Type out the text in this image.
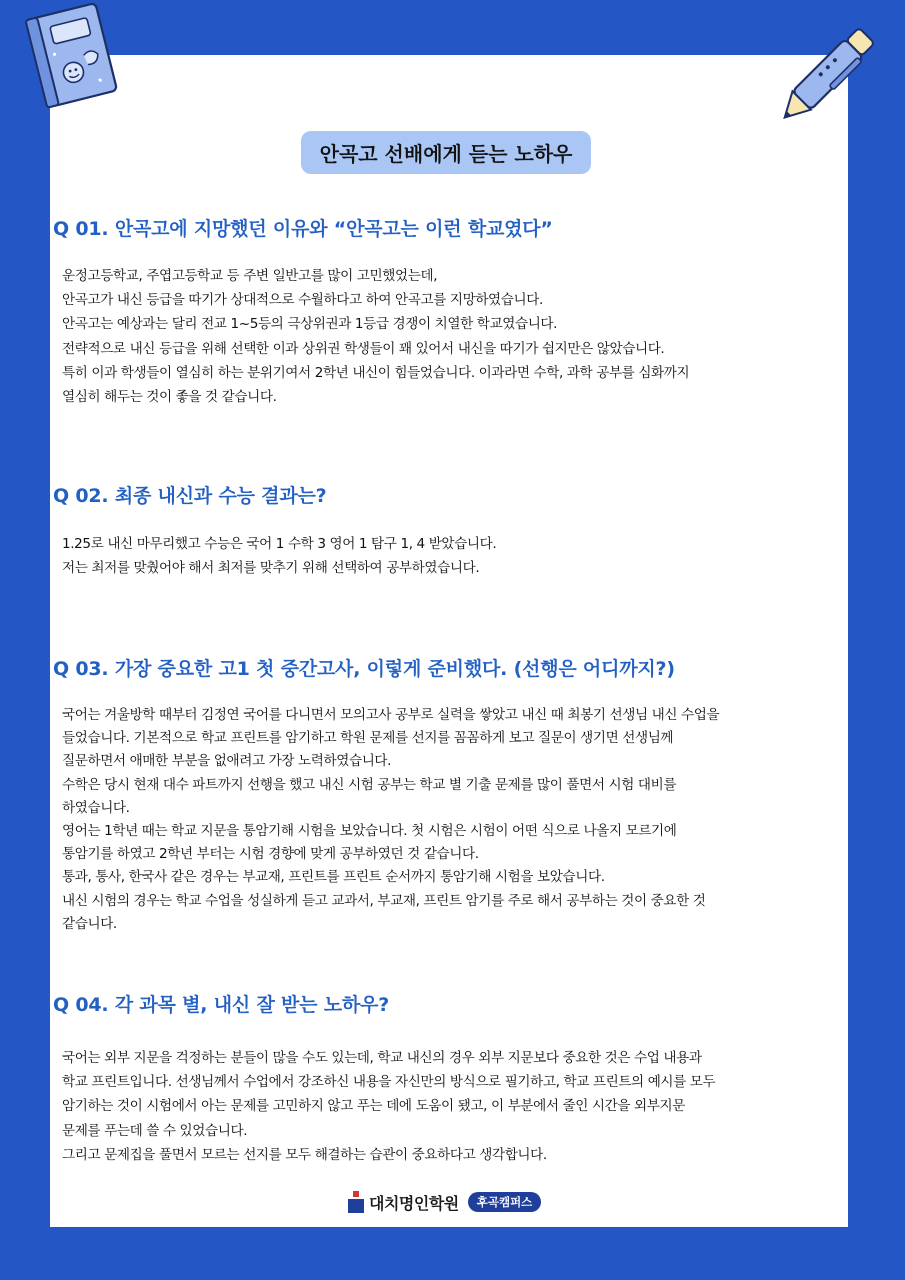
안곡고 선배에게 듣는 노하우
Q 01. 안곡고에 지망했던 이유와 “안곡고는 이런 학교였다”
운정고등학교, 주엽고등학교 등 주변 일반고를 많이 고민했었는데,
안곡고가 내신 등급을 따기가 상대적으로 수월하다고 하여 안곡고를 지망하였습니다.
안곡고는 예상과는 달리 전교 1~5등의 극상위권과 1등급 경쟁이 치열한 학교였습니다.
전략적으로 내신 등급을 위해 선택한 이과 상위권 학생들이 꽤 있어서 내신을 따기가 쉽지만은 않았습니다.
특히 이과 학생들이 열심히 하는 분위기여서 2학년 내신이 힘들었습니다. 이과라면 수학, 과학 공부를 심화까지
열심히 해두는 것이 좋을 것 같습니다.
Q 02. 최종 내신과 수능 결과는?
1.25로 내신 마무리했고 수능은 국어 1 수학 3 영어 1 탐구 1, 4 받았습니다.
저는 최저를 맞췄어야 해서 최저를 맞추기 위해 선택하여 공부하였습니다.
Q 03. 가장 중요한 고1 첫 중간고사, 이렇게 준비했다. (선행은 어디까지?)
국어는 겨울방학 때부터 김정연 국어를 다니면서 모의고사 공부로 실력을 쌓았고 내신 때 최봉기 선생님 내신 수업을
들었습니다. 기본적으로 학교 프린트를 암기하고 학원 문제를 선지를 꼼꼼하게 보고 질문이 생기면 선생님께
질문하면서 애매한 부분을 없애려고 가장 노력하였습니다.
수학은 당시 현재 대수 파트까지 선행을 했고 내신 시험 공부는 학교 별 기출 문제를 많이 풀면서 시험 대비를
하였습니다.
영어는 1학년 때는 학교 지문을 통암기해 시험을 보았습니다. 첫 시험은 시험이 어떤 식으로 나올지 모르기에
통암기를 하였고 2학년 부터는 시험 경향에 맞게 공부하였던 것 같습니다.
통과, 통사, 한국사 같은 경우는 부교재, 프린트를 프린트 순서까지 통암기해 시험을 보았습니다.
내신 시험의 경우는 학교 수업을 성실하게 듣고 교과서, 부교재, 프린트 암기를 주로 해서 공부하는 것이 중요한 것
같습니다.
Q 04. 각 과목 별, 내신 잘 받는 노하우?
국어는 외부 지문을 걱정하는 분들이 많을 수도 있는데, 학교 내신의 경우 외부 지문보다 중요한 것은 수업 내용과
학교 프린트입니다. 선생님께서 수업에서 강조하신 내용을 자신만의 방식으로 필기하고, 학교 프린트의 예시를 모두
암기하는 것이 시험에서 아는 문제를 고민하지 않고 푸는 데에 도움이 됐고, 이 부분에서 줄인 시간을 외부지문
문제를 푸는데 쓸 수 있었습니다.
그리고 문제집을 풀면서 모르는 선지를 모두 해결하는 습관이 중요하다고 생각합니다.
대치명인학원	후곡캠퍼스
